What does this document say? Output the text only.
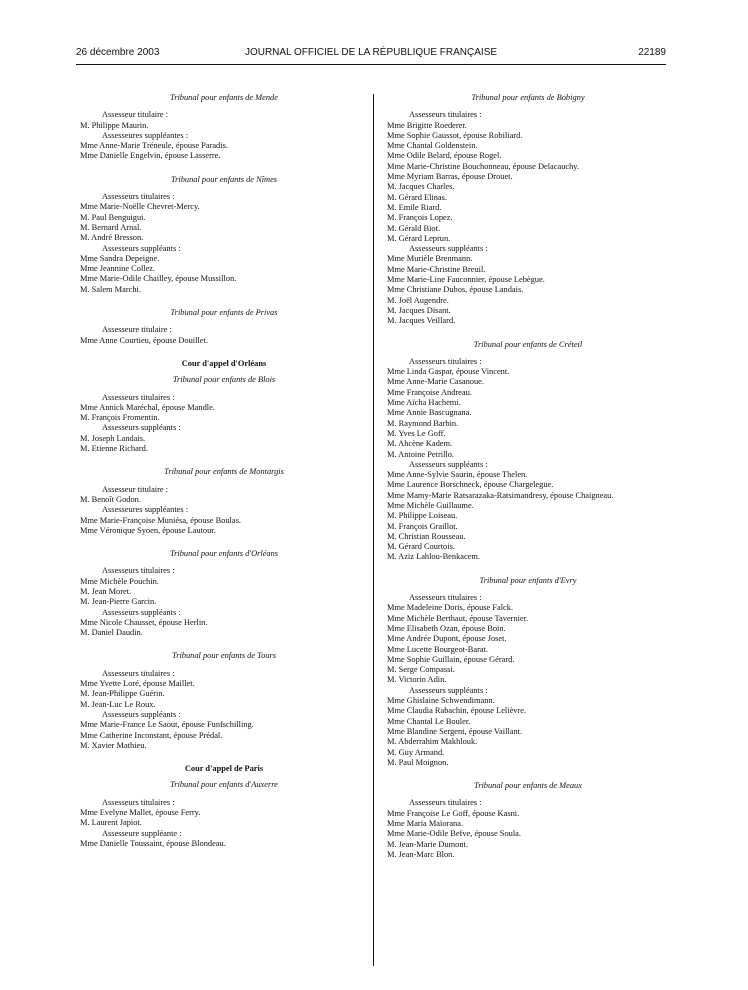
26 décembre 2003	JOURNAL OFFICIEL DE LA RÉPUBLIQUE FRANÇAISE	22189
Tribunal pour enfants de Mende
Assesseur titulaire :
M. Philippe Maurin.
Assesseures suppléantes :
Mme Anne-Marie Tréneule, épouse Paradis.
Mme Danielle Engelvin, épouse Lasserre.
Tribunal pour enfants de Nîmes
Assesseurs titulaires :
Mme Marie-Noëlle Chevret-Mercy.
M. Paul Benguigui.
M. Bernard Arnal.
M. André Bresson.
Assesseurs suppléants :
Mme Sandra Depeigne.
Mme Jeannine Collez.
Mme Marie-Odile Chailley, épouse Mussillon.
M. Salem Marchi.
Tribunal pour enfants de Privas
Assesseure titulaire :
Mme Anne Courtieu, épouse Douillet.
Cour d'appel d'Orléans
Tribunal pour enfants de Blois
Assesseurs titulaires :
Mme Annick Maréchal, épouse Mandle.
M. François Fromentin.
Assesseurs suppléants :
M. Joseph Landais.
M. Etienne Richard.
Tribunal pour enfants de Montargis
Assesseur titulaire :
M. Benoît Godon.
Assesseures suppléantes :
Mme Marie-Françoise Muniésa, épouse Boulas.
Mme Véronique Syoen, épouse Lautour.
Tribunal pour enfants d'Orléans
Assesseurs titulaires :
Mme Michèle Pouchin.
M. Jean Moret.
M. Jean-Pierre Garcin.
Assesseurs suppléants :
Mme Nicole Chausset, épouse Herlin.
M. Daniel Daudin.
Tribunal pour enfants de Tours
Assesseurs titulaires :
Mme Yvette Loré, épouse Maillet.
M. Jean-Philippe Guérin.
M. Jean-Luc Le Roux.
Assesseurs suppléants :
Mme Marie-France Le Saout, épouse Funfschilling.
Mme Catherine Inconstant, épouse Prédal.
M. Xavier Mathieu.
Cour d'appel de Paris
Tribunal pour enfants d'Auxerre
Assesseurs titulaires :
Mme Evelyne Mallet, épouse Ferry.
M. Laurent Japiot.
Assesseure suppléante :
Mme Danielle Toussaint, épouse Blondeau.
Tribunal pour enfants de Bobigny
Assesseurs titulaires :
Mme Brigitte Roederer.
Mme Sophie Gaussot, épouse Robiliard.
Mme Chantal Goldenstein.
Mme Odile Belard, épouse Rogel.
Mme Marie-Christine Bouchonneau, épouse Delacauchy.
Mme Myriam Barras, épouse Drouet.
M. Jacques Charles.
M. Gérard Elinas.
M. Emile Riard.
M. François Lopez.
M. Gérald Biot.
M. Gérard Leprun.
Assesseurs suppléants :
Mme Murièle Brenmann.
Mme Marie-Christine Breuil.
Mme Marie-Line Fauconnier, épouse Lebègue.
Mme Christiane Dubos, épouse Landais.
M. Joël Augendre.
M. Jacques Disant.
M. Jacques Veillard.
Tribunal pour enfants de Créteil
Assesseurs titulaires :
Mme Linda Gaspar, épouse Vincent.
Mme Anne-Marie Casanoue.
Mme Françoise Andreau.
Mme Aïcha Hachemi.
Mme Annie Bascugnana.
M. Raymond Barbin.
M. Yves Le Goff.
M. Ahcène Kadem.
M. Antoine Petrillo.
Assesseurs suppléants :
Mme Anne-Sylvie Saurin, épouse Thelen.
Mme Laurence Borschneck, épouse Chargelegue.
Mme Mamy-Marie Ratsarazaka-Ratsimandresy, épouse Chaigneau.
Mme Michèle Guillaume.
M. Philippe Loiseau.
M. François Graillot.
M. Christian Rousseau.
M. Gérard Courtois.
M. Aziz Lahlou-Benkacem.
Tribunal pour enfants d'Evry
Assesseurs titulaires :
Mme Madeleine Doris, épouse Falck.
Mme Michèle Berthaut, épouse Tavernier.
Mme Elisabeth Ozan, épouse Boin.
Mme Andrée Dupont, épouse Joset.
Mme Lucette Bourgeot-Barat.
Mme Sophie Guillain, épouse Gérard.
M. Serge Compassi.
M. Victorin Adin.
Assesseurs suppléants :
Mme Ghislaine Schwendimann.
Mme Claudia Rabachin, épouse Lelièvre.
Mme Chantal Le Bouler.
Mme Blandine Sergent, épouse Vaillant.
M. Abderrahim Makhlouk.
M. Guy Armand.
M. Paul Moignon.
Tribunal pour enfants de Meaux
Assesseurs titulaires :
Mme Françoise Le Goff, épouse Kasni.
Mme Maria Maïorana.
Mme Marie-Odile Befve, épouse Soula.
M. Jean-Marie Dumont.
M. Jean-Marc Blon.
